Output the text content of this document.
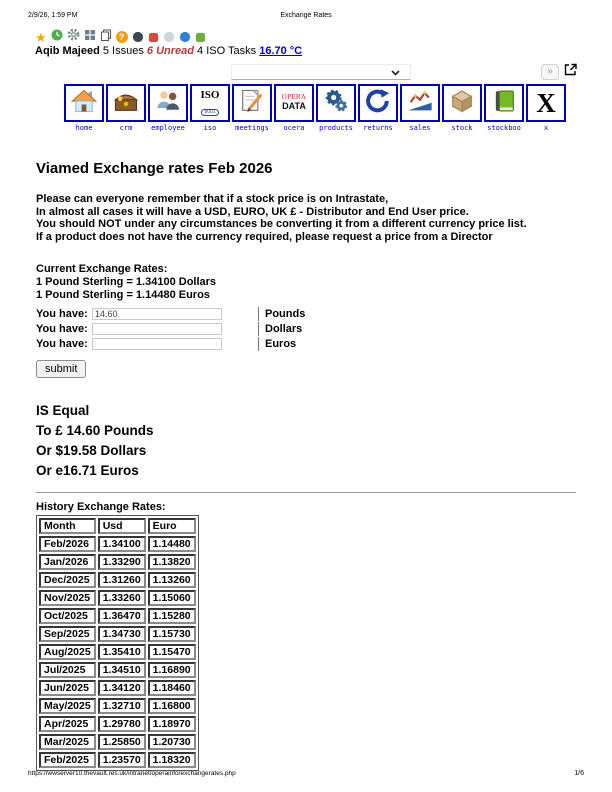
2/9/26, 1:59 PM	Exchange Rates
★	?
Aqib Majeed 5 Issues 6 Unread 4 ISO Tasks 16.70 °C
»
home	crm	employee
ISO
9001
iso	meetings
OPERA
DATA
ocera	products	returns	sales	stock	stockboo
X
x
Viamed Exchange rates Feb 2026

Please can everyone remember that if a stock price is on Intrastate,

In almost all cases it will have a USD, EURO, UK £ - Distributor and End User price.

You should NOT under any circumstances be converting it from a different currency price list.

If a product does not have the currency required, please request a price from a Director

Current Exchange Rates:
1 Pound Sterling = 1.34100 Dollars
1 Pound Sterling = 1.14480 Euros
You have:
14.60	Pounds
You have:	Dollars
You have:	Euros
submit
IS Equal
To £ 14.60 Pounds
Or $19.58 Dollars
Or e16.71 Euros
History Exchange Rates:
Month	Usd	Euro
Feb/2026	1.34100	1.14480
Jan/2026	1.33290	1.13820
Dec/2025	1.31260	1.13260
Nov/2025	1.33260	1.15060
Oct/2025	1.36470	1.15280
Sep/2025	1.34730	1.15730
Aug/2025	1.35410	1.15470
Jul/2025	1.34510	1.16890
Jun/2025	1.34120	1.18460
May/2025	1.32710	1.16800
Apr/2025	1.29780	1.18970
Mar/2025	1.25850	1.20730
Feb/2025	1.23570	1.18320
https://wwserver10.thevault.res.uk/intranet/operainfo/exchangerates.php	1/6
